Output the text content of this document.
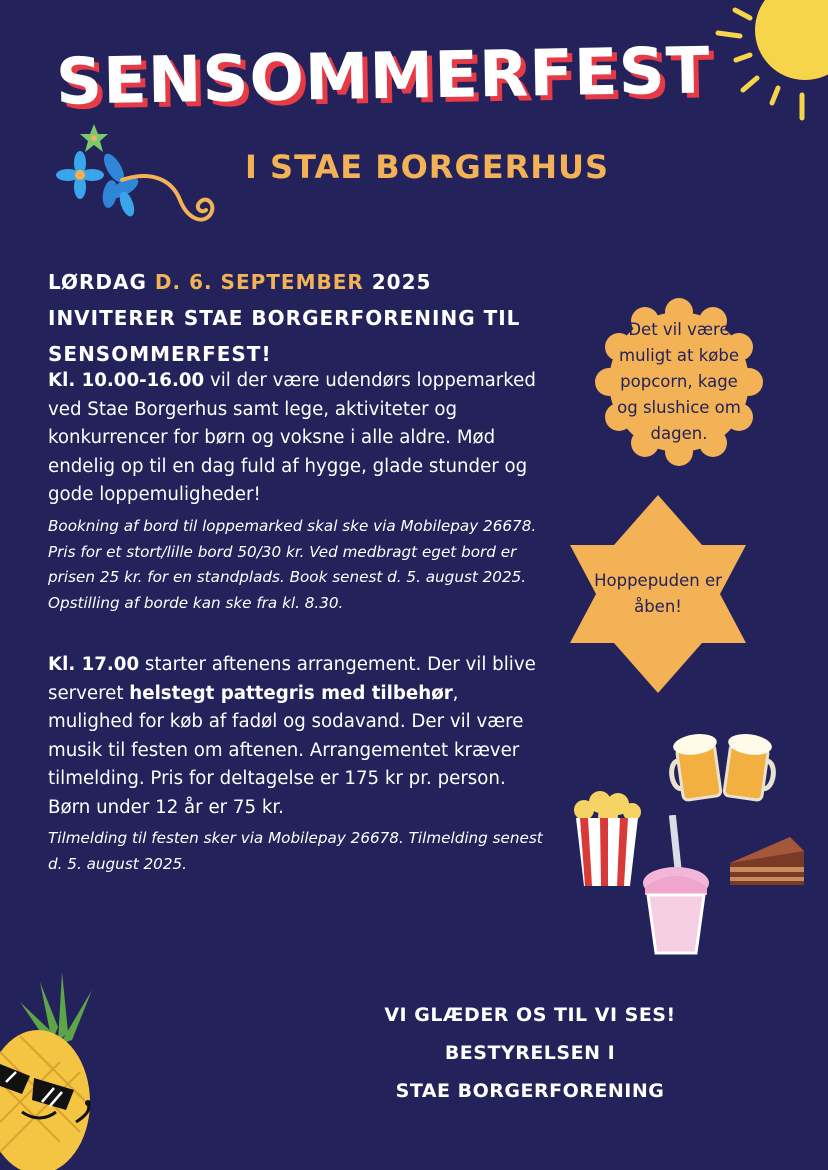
SENSOMMERFEST
I STAE BORGERHUS
LØRDAG D. 6. SEPTEMBER 2025 INVITERER STAE BORGERFORENING TIL SENSOMMERFEST!
Kl. 10.00-16.00 vil der være udendørs loppemarked ved Stae Borgerhus samt lege, aktiviteter og konkurrencer for børn og voksne i alle aldre. Mød endelig op til en dag fuld af hygge, glade stunder og gode loppemuligheder!
Bookning af bord til loppemarked skal ske via Mobilepay 26678. Pris for et stort/lille bord 50/30 kr. Ved medbragt eget bord er prisen 25 kr. for en standplads. Book senest d. 5. august 2025. Opstilling af borde kan ske fra kl. 8.30.
Kl. 17.00 starter aftenens arrangement. Der vil blive serveret helstegt pattegris med tilbehør, mulighed for køb af fadøl og sodavand. Der vil være musik til festen om aftenen. Arrangementet kræver tilmelding. Pris for deltagelse er 175 kr pr. person. Børn under 12 år er 75 kr.
Tilmelding til festen sker via Mobilepay 26678. Tilmelding senest d. 5. august 2025.
Det vil være muligt at købe popcorn, kage og slushice om dagen.
Hoppepuden er åben!
VI GLÆDER OS TIL VI SES!
BESTYRELSEN I
STAE BORGERFORENING
